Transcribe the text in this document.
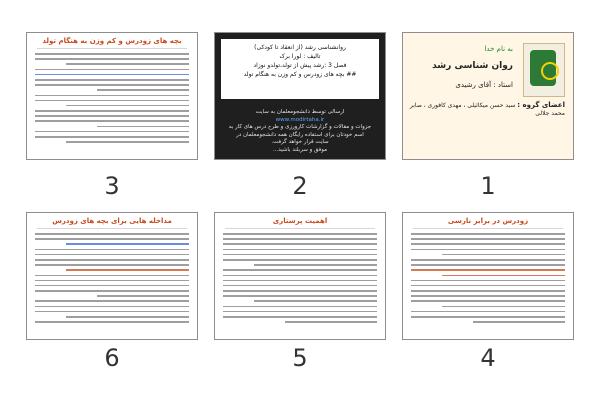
به نام خدا
روان شناسی رشد
استاد : آقای رشیدی
اعضای گروه : سید حسن میکائیلی ، مهدی کافوری ، صابر محمد جلالی
1
روانشناسی رشد (از انعقاد تا کودکی)
تالیف : لورا برک
فصل 3 :رشد پیش از تولد،تولدو نوزاد
## بچه های زودرس و کم وزن به هنگام تولد
ارسالی توسط دانشجومعلمان به سایت
www.modirtaha.ir
جزوات و مقالات و گزارشات کارورزی و طرح درس های کار به
اسم خودتان برای استفاده رایگان همه دانشجومعلمان در
سایت قرار خواهد گرفت.
موفق و سربلند باشید...
2
بچه های زودرس و کم وزن به هنگام تولد
3
زودرس در برابر نارسی
4
اهمیت پرستاری
5
مداخله هایی برای بچه های زودرس
6
